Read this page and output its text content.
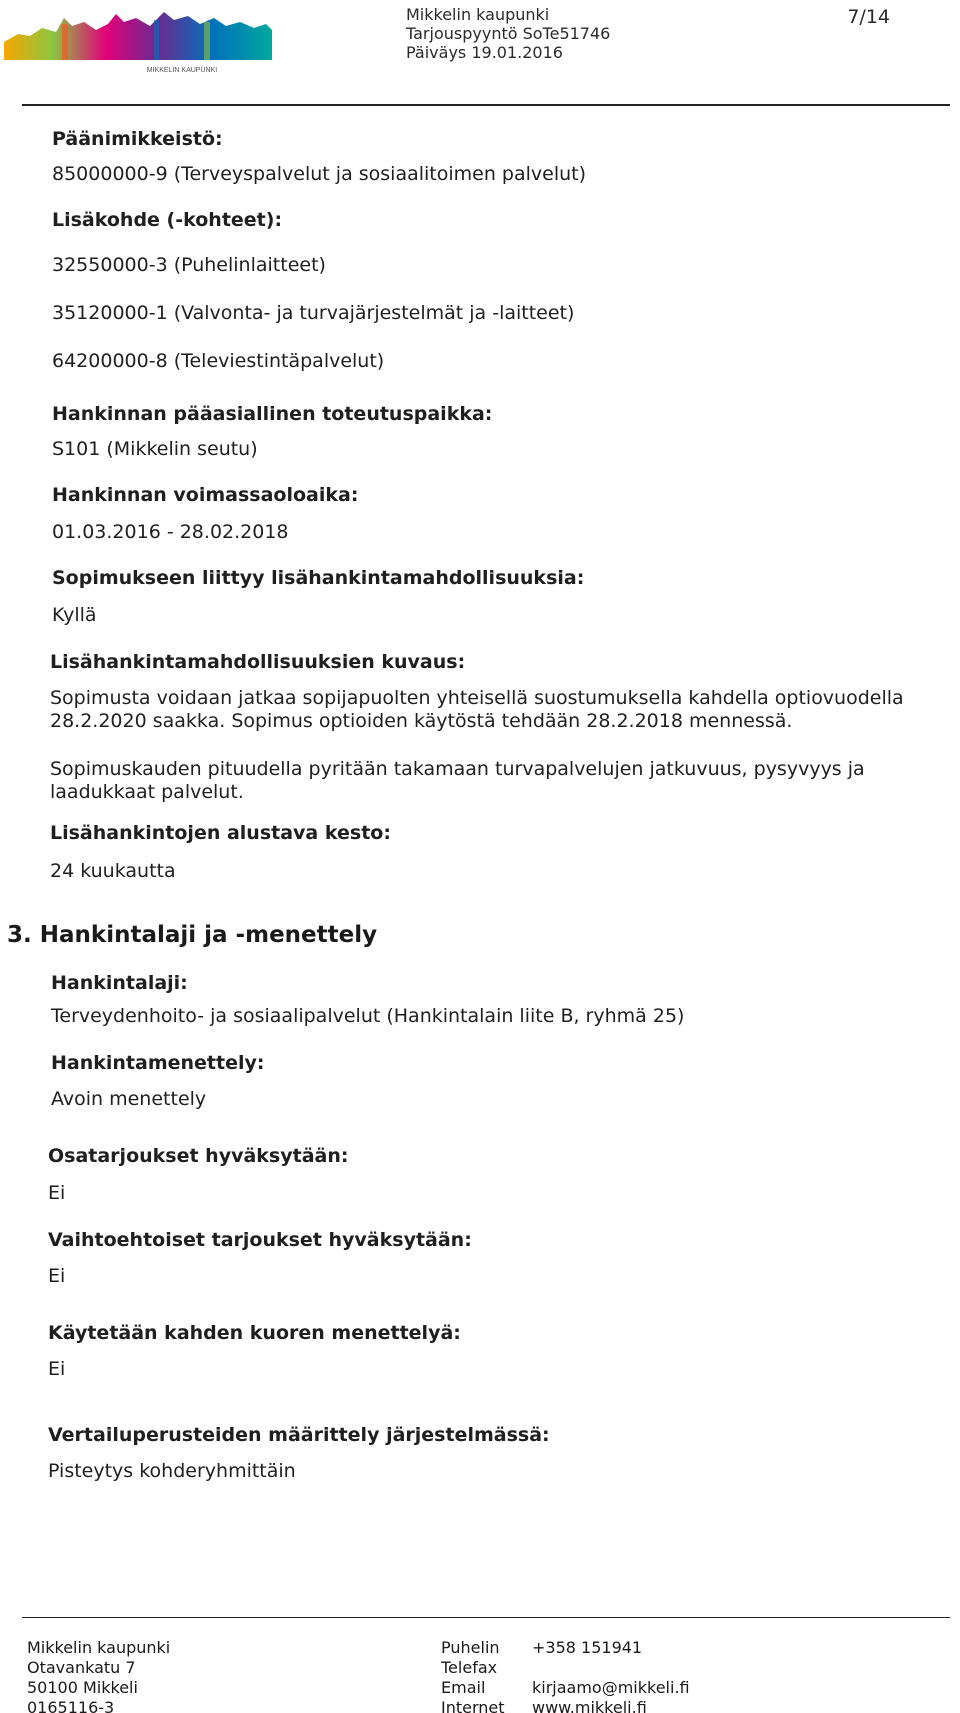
MIKKELIN KAUPUNKI
Mikkelin kaupunki
Tarjouspyyntö SoTe51746
Päiväys 19.01.2016
7/14
Päänimikkeistö:
85000000-9 (Terveyspalvelut ja sosiaalitoimen palvelut)
Lisäkohde (-kohteet):
32550000-3 (Puhelinlaitteet)
35120000-1 (Valvonta- ja turvajärjestelmät ja -laitteet)
64200000-8 (Televiestintäpalvelut)
Hankinnan pääasiallinen toteutuspaikka:
S101 (Mikkelin seutu)
Hankinnan voimassaoloaika:
01.03.2016 - 28.02.2018
Sopimukseen liittyy lisähankintamahdollisuuksia:
Kyllä
Lisähankintamahdollisuuksien kuvaus:
Sopimusta voidaan jatkaa sopijapuolten yhteisellä suostumuksella kahdella optiovuodella 28.2.2020 saakka. Sopimus optioiden käytöstä tehdään 28.2.2018 mennessä.
Sopimuskauden pituudella pyritään takamaan turvapalvelujen jatkuvuus, pysyvyys ja laadukkaat palvelut.
Lisähankintojen alustava kesto:
24 kuukautta
3. Hankintalaji ja -menettely
Hankintalaji:
Terveydenhoito- ja sosiaalipalvelut (Hankintalain liite B, ryhmä 25)
Hankintamenettely:
Avoin menettely
Osatarjoukset hyväksytään:
Ei
Vaihtoehtoiset tarjoukset hyväksytään:
Ei
Käytetään kahden kuoren menettelyä:
Ei
Vertailuperusteiden määrittely järjestelmässä:
Pisteytys kohderyhmittäin
Mikkelin kaupunki
Otavankatu 7
50100 Mikkeli
0165116-3
Puhelin
Telefax
Email
Internet
+358 151941
kirjaamo@mikkeli.fi
www.mikkeli.fi
